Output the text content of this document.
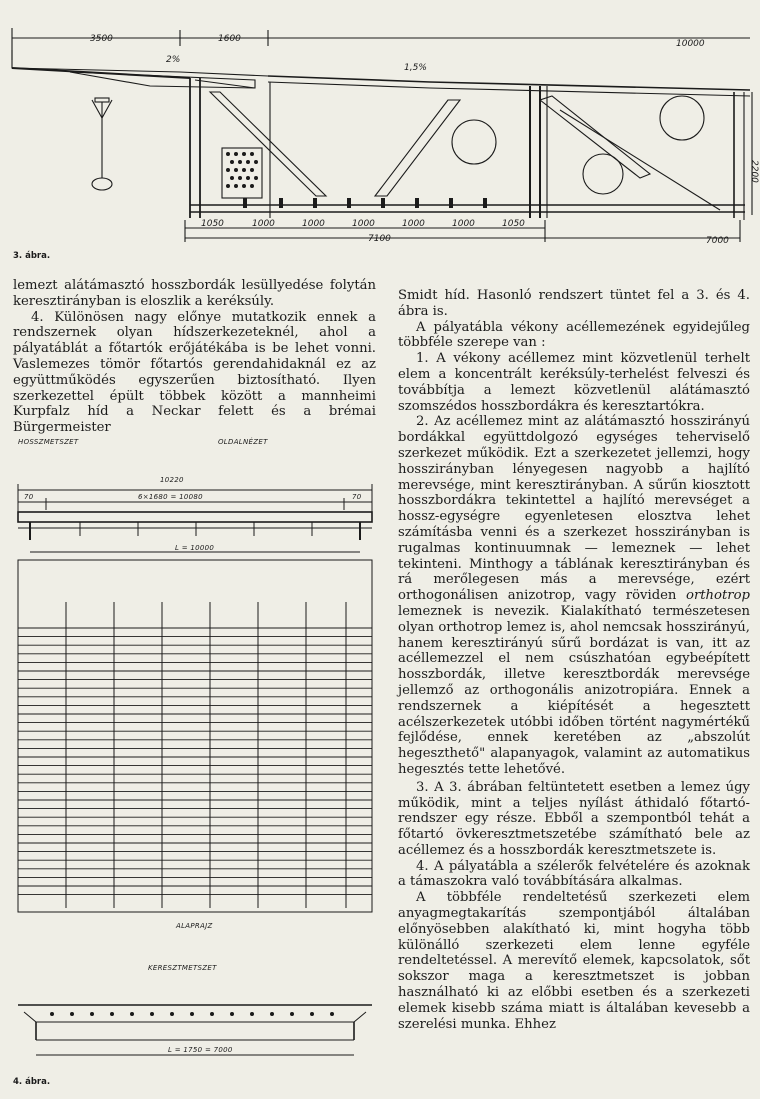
3500	1600	10000
2%
1,5%
2200
1050	1000	1000	1000	1000	1000	1050
7100	7000
3. ábra.

lemezt alátámasztó hosszbordák lesüllyedése folytán keresztirányban is eloszlik a keréksúly.

4. Különösen nagy előnye mutatkozik ennek a rendszernek olyan hídszerkezeteknél, ahol a pályatáblát a főtartók erőjátékába is be lehet vonni. Vaslemezes tömör főtartós gerendahidaknál ez az együttműködés egyszerűen biztosítható. Ilyen szerkezettel épült többek között a mannheimi Kurpfalz híd a Neckar felett és a brémai Bürgermeister

HOSSZMETSZET	OLDALNÉZET
10220
6×1680 = 10080
70	70
L = 10000
ALAPRAJZ
KERESZTMETSZET
L = 1750 = 7000
4. ábra.

Smidt híd. Hasonló rendszert tüntet fel a 3. és 4. ábra is.

A pályatábla vékony acéllemezének egyidejűleg többféle szerepe van :

1. A vékony acéllemez mint közvetlenül terhelt elem a koncentrált keréksúly-terhelést felveszi és továbbítja a lemezt közvetlenül alátámasztó szomszédos hosszbordákra és keresztartókra.

2. Az acéllemez mint az alátámasztó hosszirányú bordákkal együttdolgozó egységes teherviselő szerkezet működik. Ezt a szerkezetet jellemzi, hogy hosszirányban lényegesen nagyobb a hajlító merevsége, mint keresztirányban. A sűrűn kiosztott hosszbordákra tekintettel a hajlító merevséget a hossz-egységre egyenletesen elosztva lehet számításba venni és a szerkezet hosszirányban is rugalmas kontinuumnak — lemeznek — lehet tekinteni. Minthogy a táblának keresztirányban és rá merőlegesen más a merevsége, ezért orthogonálisen anizotrop, vagy röviden orthotrop lemeznek is nevezik. Kialakítható természetesen olyan orthotrop lemez is, ahol nemcsak hosszirányú, hanem keresztirányú sűrű bordázat is van, itt az acéllemezzel el nem csúszhatóan egybeépített hosszbordák, illetve keresztbordák merevsége jellemző az orthogonális anizotropiára. Ennek a rendszernek a kiépítését a hegesztett acélszerkezetek utóbbi időben történt nagymértékű fejlődése, ennek keretében az „abszolút hegeszthető" alapanyagok, valamint az automatikus hegesztés tette lehetővé.

3. A 3. ábrában feltüntetett esetben a lemez úgy működik, mint a teljes nyílást áthidaló főtartó-rendszer egy része. Ebből a szempontból tehát a főtartó övkeresztmetszetébe számítható bele az acéllemez és a hosszbordák keresztmetszete is.

4. A pályatábla a szélerők felvételére és azoknak a támaszokra való továbbítására alkalmas.

A többféle rendeltetésű szerkezeti elem anyagmegtakarítás szempontjából általában előnyösebben alakítható ki, mint hogyha több különálló szerkezeti elem lenne egyféle rendeltetéssel. A merevítő elemek, kapcsolatok, sőt sokszor maga a keresztmetszet is jobban használható ki az előbbi esetben és a szerkezeti elemek kisebb száma miatt is általában kevesebb a szerelési munka. Ehhez
